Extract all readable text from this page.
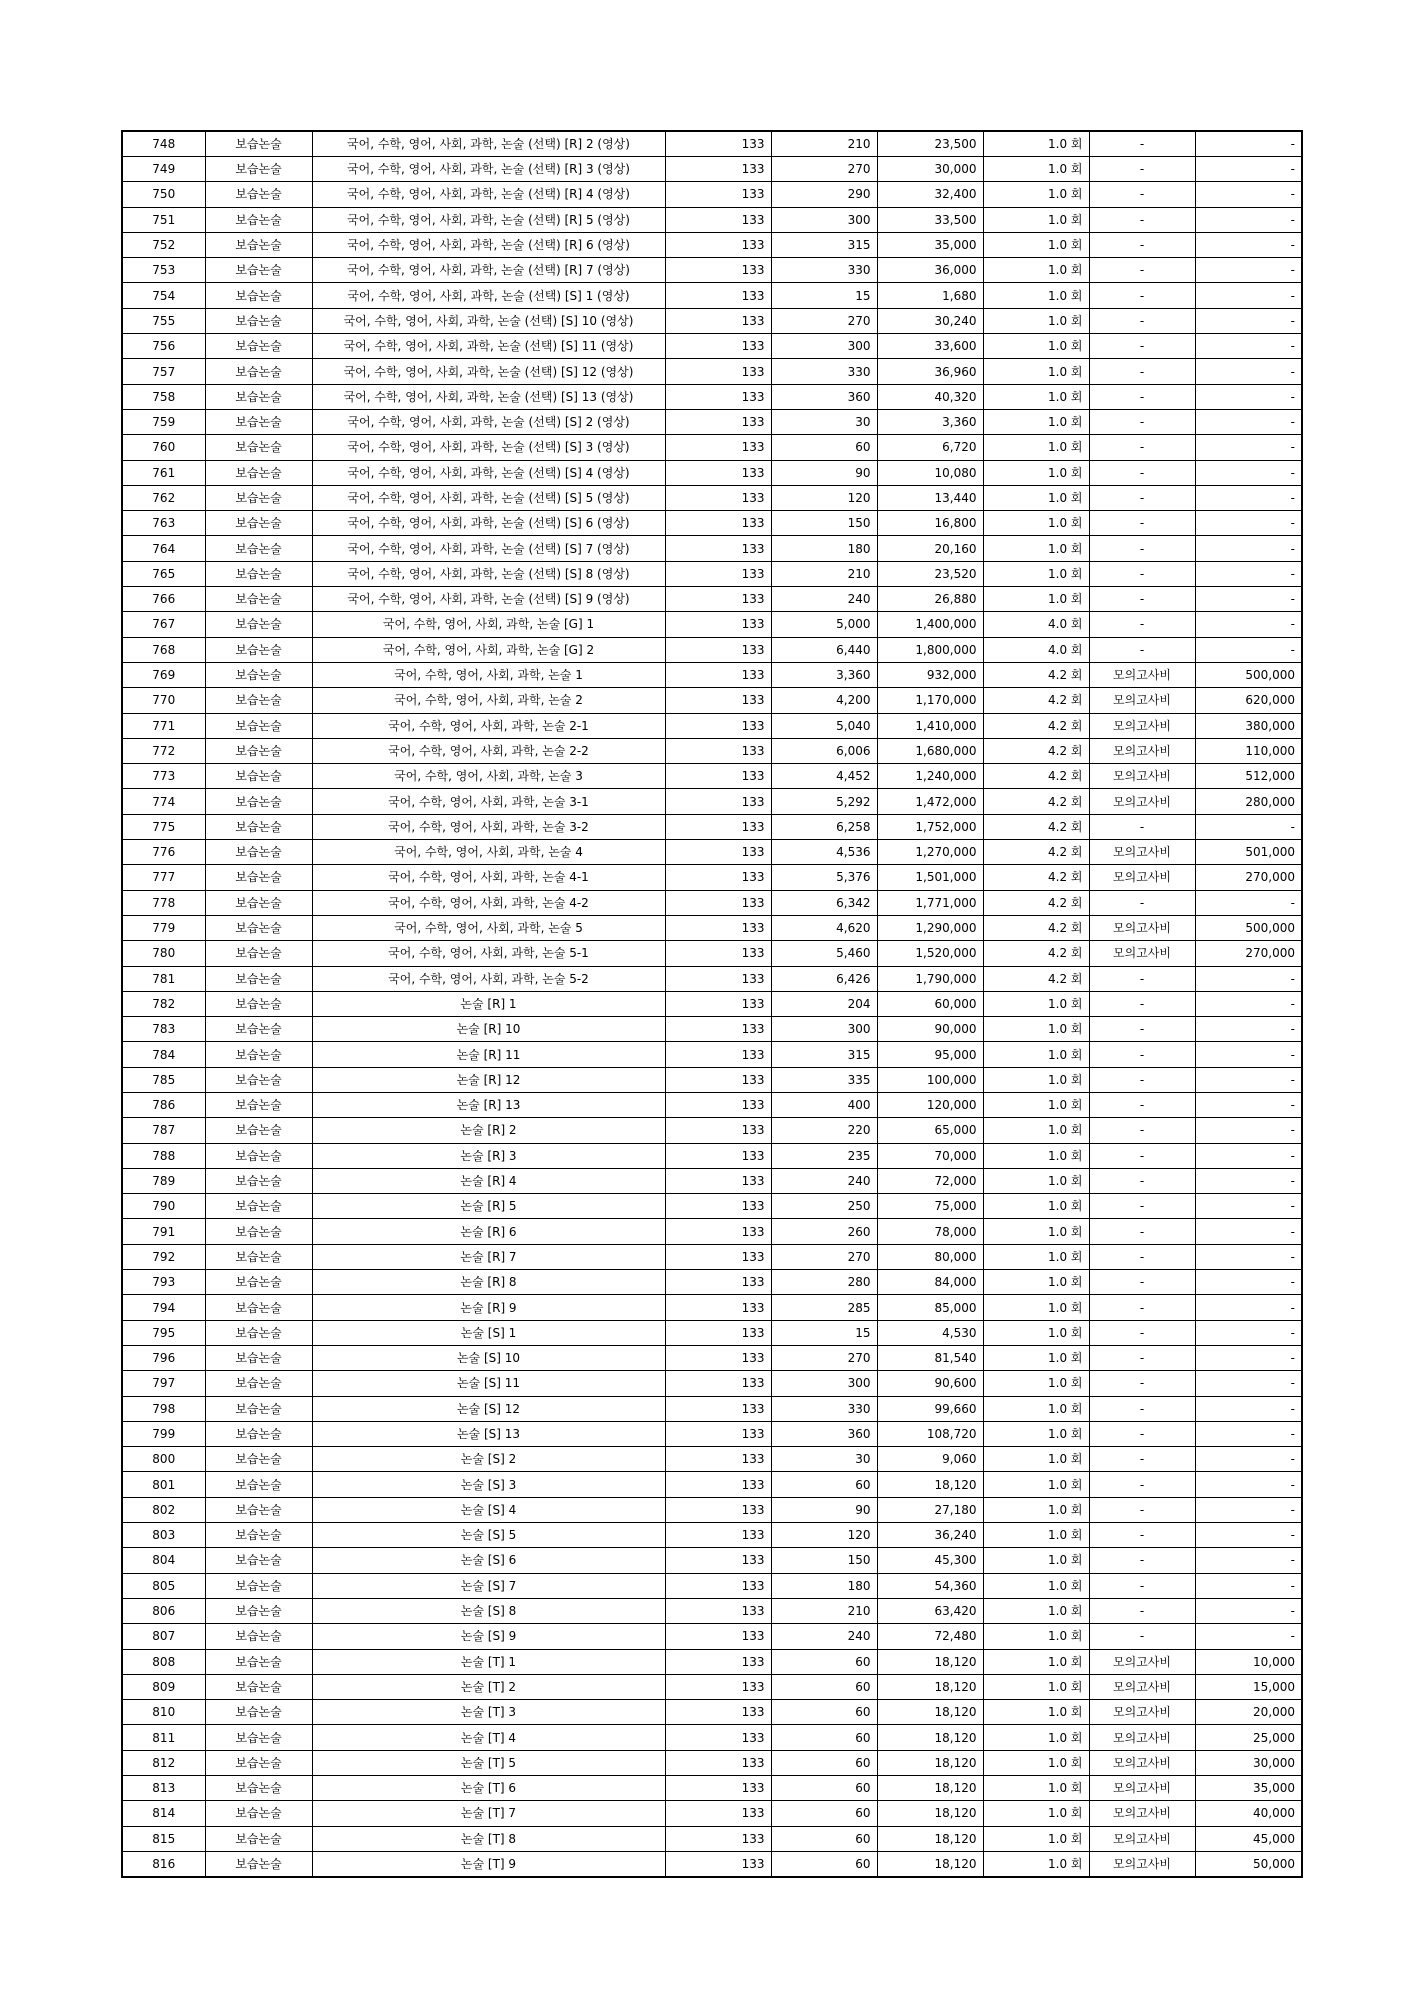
748	보습논술	국어, 수학, 영어, 사회, 과학, 논술 (선택) [R] 2 (영상)	133	210	23,500	1.0 회	-	-
749	보습논술	국어, 수학, 영어, 사회, 과학, 논술 (선택) [R] 3 (영상)	133	270	30,000	1.0 회	-	-
750	보습논술	국어, 수학, 영어, 사회, 과학, 논술 (선택) [R] 4 (영상)	133	290	32,400	1.0 회	-	-
751	보습논술	국어, 수학, 영어, 사회, 과학, 논술 (선택) [R] 5 (영상)	133	300	33,500	1.0 회	-	-
752	보습논술	국어, 수학, 영어, 사회, 과학, 논술 (선택) [R] 6 (영상)	133	315	35,000	1.0 회	-	-
753	보습논술	국어, 수학, 영어, 사회, 과학, 논술 (선택) [R] 7 (영상)	133	330	36,000	1.0 회	-	-
754	보습논술	국어, 수학, 영어, 사회, 과학, 논술 (선택) [S] 1 (영상)	133	15	1,680	1.0 회	-	-
755	보습논술	국어, 수학, 영어, 사회, 과학, 논술 (선택) [S] 10 (영상)	133	270	30,240	1.0 회	-	-
756	보습논술	국어, 수학, 영어, 사회, 과학, 논술 (선택) [S] 11 (영상)	133	300	33,600	1.0 회	-	-
757	보습논술	국어, 수학, 영어, 사회, 과학, 논술 (선택) [S] 12 (영상)	133	330	36,960	1.0 회	-	-
758	보습논술	국어, 수학, 영어, 사회, 과학, 논술 (선택) [S] 13 (영상)	133	360	40,320	1.0 회	-	-
759	보습논술	국어, 수학, 영어, 사회, 과학, 논술 (선택) [S] 2 (영상)	133	30	3,360	1.0 회	-	-
760	보습논술	국어, 수학, 영어, 사회, 과학, 논술 (선택) [S] 3 (영상)	133	60	6,720	1.0 회	-	-
761	보습논술	국어, 수학, 영어, 사회, 과학, 논술 (선택) [S] 4 (영상)	133	90	10,080	1.0 회	-	-
762	보습논술	국어, 수학, 영어, 사회, 과학, 논술 (선택) [S] 5 (영상)	133	120	13,440	1.0 회	-	-
763	보습논술	국어, 수학, 영어, 사회, 과학, 논술 (선택) [S] 6 (영상)	133	150	16,800	1.0 회	-	-
764	보습논술	국어, 수학, 영어, 사회, 과학, 논술 (선택) [S] 7 (영상)	133	180	20,160	1.0 회	-	-
765	보습논술	국어, 수학, 영어, 사회, 과학, 논술 (선택) [S] 8 (영상)	133	210	23,520	1.0 회	-	-
766	보습논술	국어, 수학, 영어, 사회, 과학, 논술 (선택) [S] 9 (영상)	133	240	26,880	1.0 회	-	-
767	보습논술	국어, 수학, 영어, 사회, 과학, 논술 [G] 1	133	5,000	1,400,000	4.0 회	-	-
768	보습논술	국어, 수학, 영어, 사회, 과학, 논술 [G] 2	133	6,440	1,800,000	4.0 회	-	-
769	보습논술	국어, 수학, 영어, 사회, 과학, 논술 1	133	3,360	932,000	4.2 회	모의고사비	500,000
770	보습논술	국어, 수학, 영어, 사회, 과학, 논술 2	133	4,200	1,170,000	4.2 회	모의고사비	620,000
771	보습논술	국어, 수학, 영어, 사회, 과학, 논술 2-1	133	5,040	1,410,000	4.2 회	모의고사비	380,000
772	보습논술	국어, 수학, 영어, 사회, 과학, 논술 2-2	133	6,006	1,680,000	4.2 회	모의고사비	110,000
773	보습논술	국어, 수학, 영어, 사회, 과학, 논술 3	133	4,452	1,240,000	4.2 회	모의고사비	512,000
774	보습논술	국어, 수학, 영어, 사회, 과학, 논술 3-1	133	5,292	1,472,000	4.2 회	모의고사비	280,000
775	보습논술	국어, 수학, 영어, 사회, 과학, 논술 3-2	133	6,258	1,752,000	4.2 회	-	-
776	보습논술	국어, 수학, 영어, 사회, 과학, 논술 4	133	4,536	1,270,000	4.2 회	모의고사비	501,000
777	보습논술	국어, 수학, 영어, 사회, 과학, 논술 4-1	133	5,376	1,501,000	4.2 회	모의고사비	270,000
778	보습논술	국어, 수학, 영어, 사회, 과학, 논술 4-2	133	6,342	1,771,000	4.2 회	-	-
779	보습논술	국어, 수학, 영어, 사회, 과학, 논술 5	133	4,620	1,290,000	4.2 회	모의고사비	500,000
780	보습논술	국어, 수학, 영어, 사회, 과학, 논술 5-1	133	5,460	1,520,000	4.2 회	모의고사비	270,000
781	보습논술	국어, 수학, 영어, 사회, 과학, 논술 5-2	133	6,426	1,790,000	4.2 회	-	-
782	보습논술	논술 [R] 1	133	204	60,000	1.0 회	-	-
783	보습논술	논술 [R] 10	133	300	90,000	1.0 회	-	-
784	보습논술	논술 [R] 11	133	315	95,000	1.0 회	-	-
785	보습논술	논술 [R] 12	133	335	100,000	1.0 회	-	-
786	보습논술	논술 [R] 13	133	400	120,000	1.0 회	-	-
787	보습논술	논술 [R] 2	133	220	65,000	1.0 회	-	-
788	보습논술	논술 [R] 3	133	235	70,000	1.0 회	-	-
789	보습논술	논술 [R] 4	133	240	72,000	1.0 회	-	-
790	보습논술	논술 [R] 5	133	250	75,000	1.0 회	-	-
791	보습논술	논술 [R] 6	133	260	78,000	1.0 회	-	-
792	보습논술	논술 [R] 7	133	270	80,000	1.0 회	-	-
793	보습논술	논술 [R] 8	133	280	84,000	1.0 회	-	-
794	보습논술	논술 [R] 9	133	285	85,000	1.0 회	-	-
795	보습논술	논술 [S] 1	133	15	4,530	1.0 회	-	-
796	보습논술	논술 [S] 10	133	270	81,540	1.0 회	-	-
797	보습논술	논술 [S] 11	133	300	90,600	1.0 회	-	-
798	보습논술	논술 [S] 12	133	330	99,660	1.0 회	-	-
799	보습논술	논술 [S] 13	133	360	108,720	1.0 회	-	-
800	보습논술	논술 [S] 2	133	30	9,060	1.0 회	-	-
801	보습논술	논술 [S] 3	133	60	18,120	1.0 회	-	-
802	보습논술	논술 [S] 4	133	90	27,180	1.0 회	-	-
803	보습논술	논술 [S] 5	133	120	36,240	1.0 회	-	-
804	보습논술	논술 [S] 6	133	150	45,300	1.0 회	-	-
805	보습논술	논술 [S] 7	133	180	54,360	1.0 회	-	-
806	보습논술	논술 [S] 8	133	210	63,420	1.0 회	-	-
807	보습논술	논술 [S] 9	133	240	72,480	1.0 회	-	-
808	보습논술	논술 [T] 1	133	60	18,120	1.0 회	모의고사비	10,000
809	보습논술	논술 [T] 2	133	60	18,120	1.0 회	모의고사비	15,000
810	보습논술	논술 [T] 3	133	60	18,120	1.0 회	모의고사비	20,000
811	보습논술	논술 [T] 4	133	60	18,120	1.0 회	모의고사비	25,000
812	보습논술	논술 [T] 5	133	60	18,120	1.0 회	모의고사비	30,000
813	보습논술	논술 [T] 6	133	60	18,120	1.0 회	모의고사비	35,000
814	보습논술	논술 [T] 7	133	60	18,120	1.0 회	모의고사비	40,000
815	보습논술	논술 [T] 8	133	60	18,120	1.0 회	모의고사비	45,000
816	보습논술	논술 [T] 9	133	60	18,120	1.0 회	모의고사비	50,000
